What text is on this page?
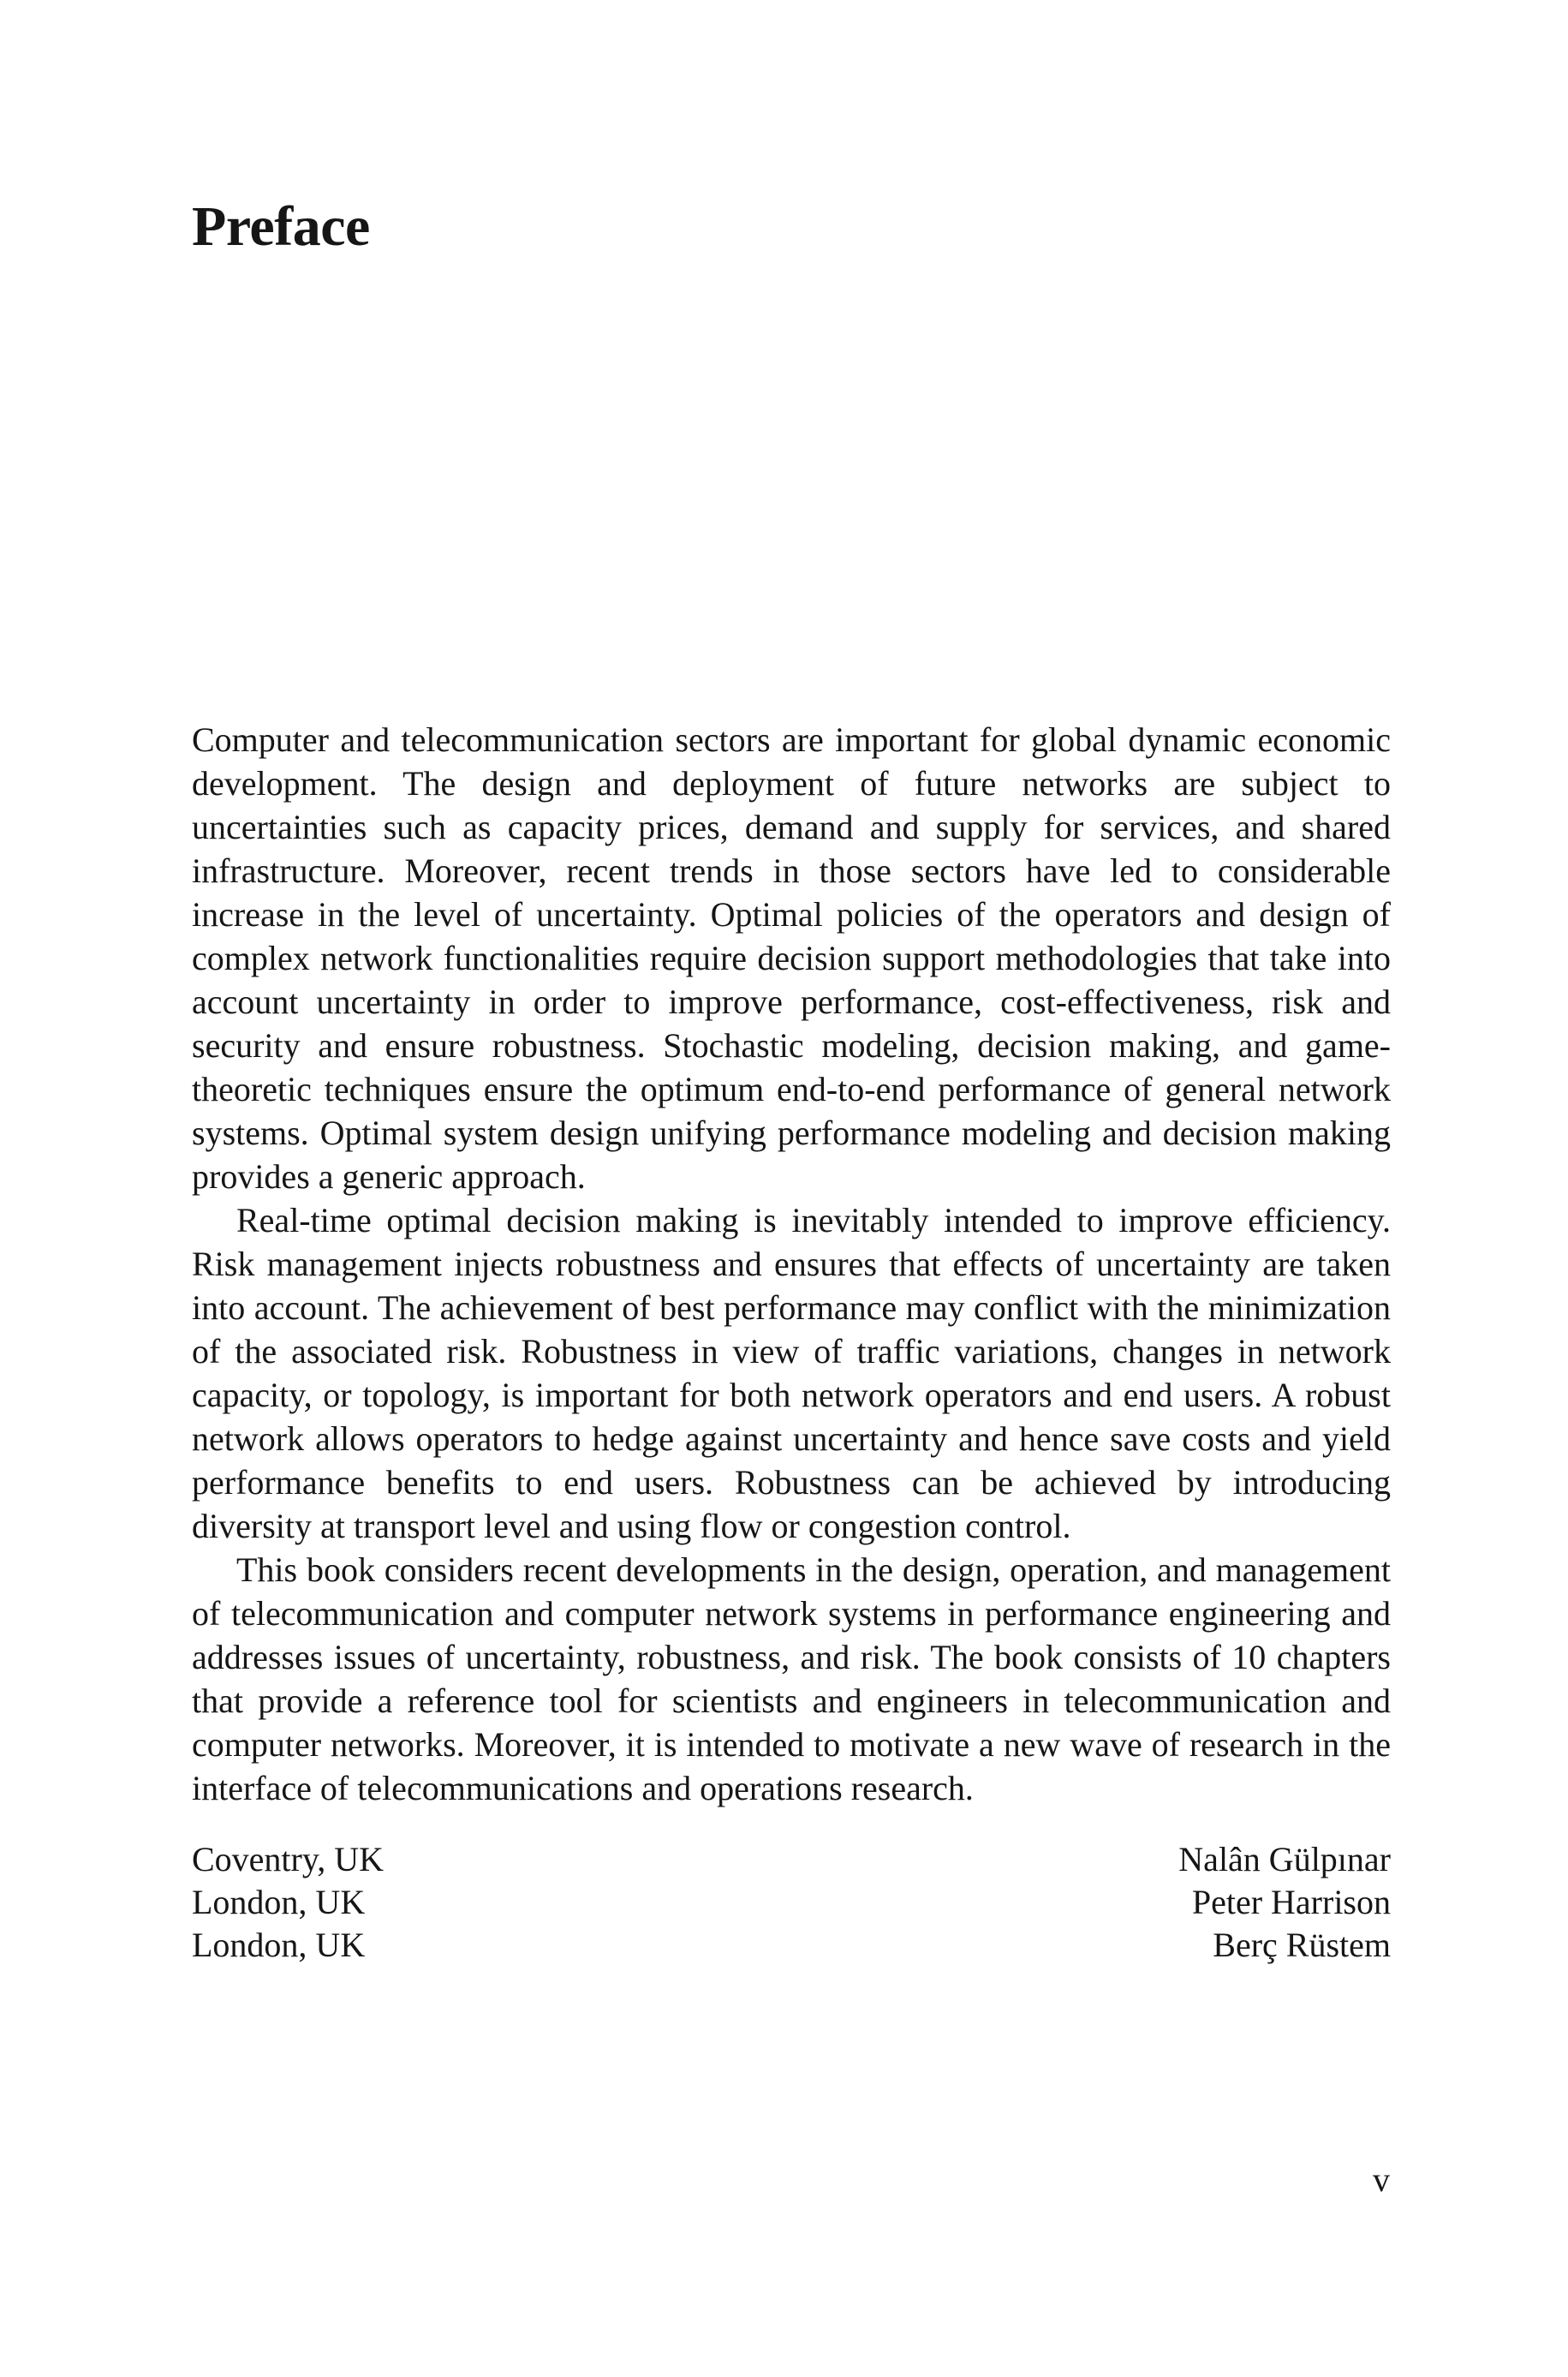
Preface

Computer and telecommunication sectors are important for global dynamic economic development. The design and deployment of future networks are subject to uncertainties such as capacity prices, demand and supply for services, and shared infrastructure. Moreover, recent trends in those sectors have led to considerable increase in the level of uncertainty. Optimal policies of the operators and design of complex network functionalities require decision support methodologies that take into account uncertainty in order to improve performance, cost-effectiveness, risk and security and ensure robustness. Stochastic modeling, decision making, and game-theoretic techniques ensure the optimum end-to-end performance of general network systems. Optimal system design unifying performance modeling and decision making provides a generic approach.

Real-time optimal decision making is inevitably intended to improve efficiency. Risk management injects robustness and ensures that effects of uncertainty are taken into account. The achievement of best performance may conflict with the minimization of the associated risk. Robustness in view of traffic variations, changes in network capacity, or topology, is important for both network operators and end users. A robust network allows operators to hedge against uncertainty and hence save costs and yield performance benefits to end users. Robustness can be achieved by introducing diversity at transport level and using flow or congestion control.

This book considers recent developments in the design, operation, and management of telecommunication and computer network systems in performance engineering and addresses issues of uncertainty, robustness, and risk. The book consists of 10 chapters that provide a reference tool for scientists and engineers in telecommunication and computer networks. Moreover, it is intended to motivate a new wave of research in the interface of telecommunications and operations research.

Coventry, UK	Nalân Gülpınar
London, UK	Peter Harrison
London, UK	Berç Rüstem
v
